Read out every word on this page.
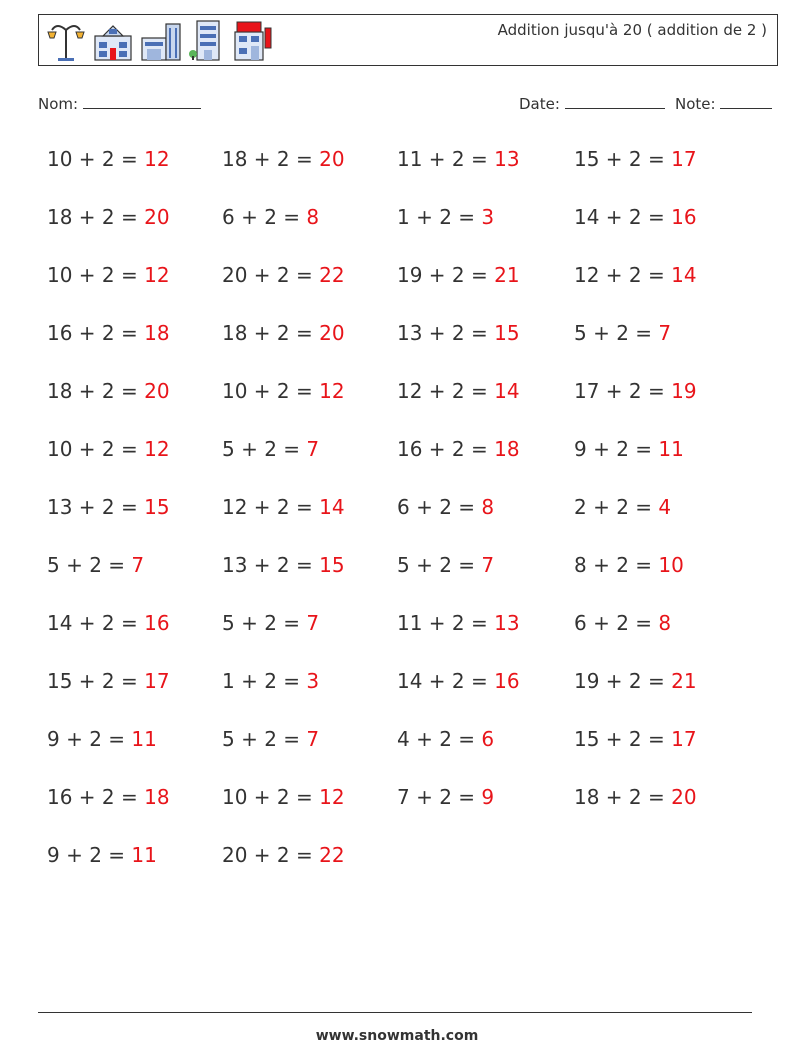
Addition jusqu'à 20 ( addition de 2 )
Nom:	Date:	Note:
10 + 2 = 12	18 + 2 = 20	11 + 2 = 13	15 + 2 = 17
18 + 2 = 20	6 + 2 = 8	1 + 2 = 3	14 + 2 = 16
10 + 2 = 12	20 + 2 = 22	19 + 2 = 21	12 + 2 = 14
16 + 2 = 18	18 + 2 = 20	13 + 2 = 15	5 + 2 = 7
18 + 2 = 20	10 + 2 = 12	12 + 2 = 14	17 + 2 = 19
10 + 2 = 12	5 + 2 = 7	16 + 2 = 18	9 + 2 = 11
13 + 2 = 15	12 + 2 = 14	6 + 2 = 8	2 + 2 = 4
5 + 2 = 7	13 + 2 = 15	5 + 2 = 7	8 + 2 = 10
14 + 2 = 16	5 + 2 = 7	11 + 2 = 13	6 + 2 = 8
15 + 2 = 17	1 + 2 = 3	14 + 2 = 16	19 + 2 = 21
9 + 2 = 11	5 + 2 = 7	4 + 2 = 6	15 + 2 = 17
16 + 2 = 18	10 + 2 = 12	7 + 2 = 9	18 + 2 = 20
9 + 2 = 11	20 + 2 = 22
www.snowmath.com
